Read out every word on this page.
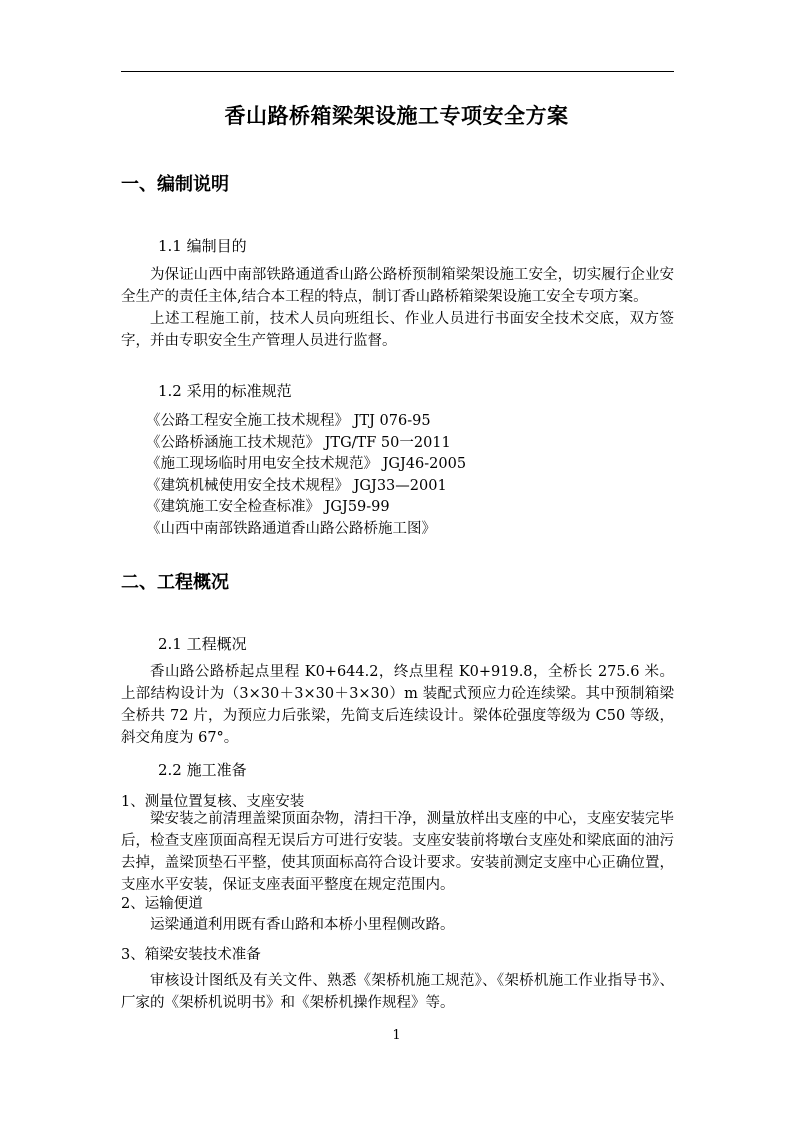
香山路桥箱梁架设施工专项安全方案
一、编制说明
1.1 编制目的
为保证山西中南部铁路通道香山路公路桥预制箱梁架设施工安全，切实履行企业安全生产的责任主体,结合本工程的特点，制订香山路桥箱梁架设施工安全专项方案。
上述工程施工前，技术人员向班组长、作业人员进行书面安全技术交底，双方签字，并由专职安全生产管理人员进行监督。
1.2 采用的标准规范
《公路工程安全施工技术规程》 JTJ 076-95
《公路桥涵施工技术规范》 JTG/TF 50一2011
《施工现场临时用电安全技术规范》 JGJ46-2005
《建筑机械使用安全技术规程》 JGJ33—2001
《建筑施工安全检查标准》 JGJ59-99
《山西中南部铁路通道香山路公路桥施工图》
二、工程概况
2.1 工程概况
香山路公路桥起点里程 K0+644.2，终点里程 K0+919.8，全桥长 275.6 米。上部结构设计为（3×30＋3×30＋3×30）m 装配式预应力砼连续梁。其中预制箱梁全桥共 72 片，为预应力后张梁，先简支后连续设计。梁体砼强度等级为 C50 等级，斜交角度为 67°。
2.2 施工准备
1、测量位置复核、支座安装
梁安装之前清理盖梁顶面杂物，清扫干净，测量放样出支座的中心，支座安装完毕后，检查支座顶面高程无误后方可进行安装。支座安装前将墩台支座处和梁底面的油污去掉，盖梁顶垫石平整，使其顶面标高符合设计要求。安装前测定支座中心正确位置，支座水平安装，保证支座表面平整度在规定范围内。
2、运输便道
运梁通道利用既有香山路和本桥小里程侧改路。
3、箱梁安装技术准备
审核设计图纸及有关文件、熟悉《架桥机施工规范》、《架桥机施工作业指导书》、厂家的《架桥机说明书》和《架桥机操作规程》等。
1
